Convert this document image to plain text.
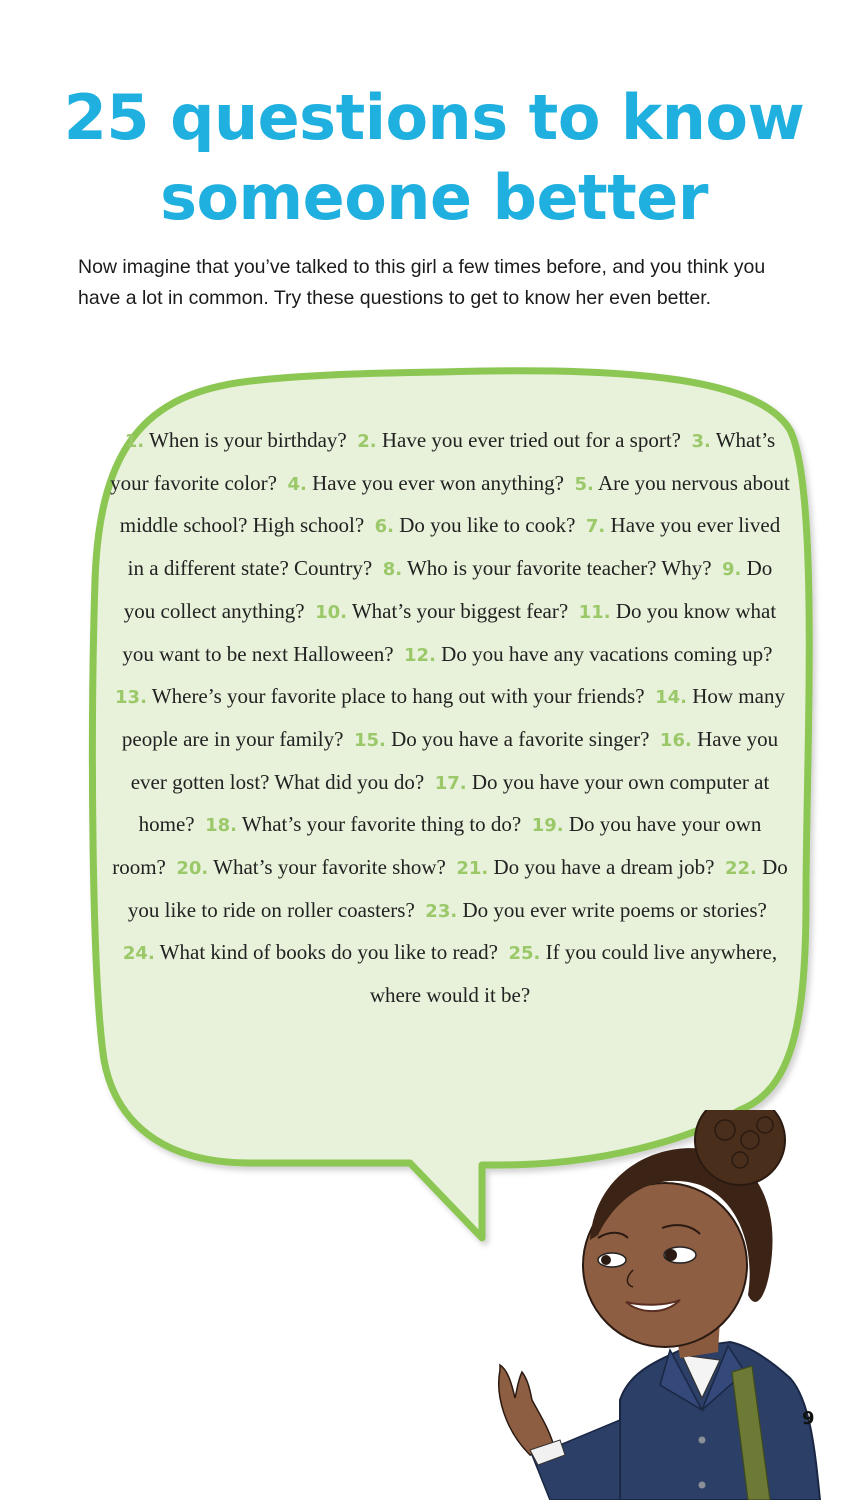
25 questions to know
someone better
Now imagine that you’ve talked to this girl a few times before, and you think you have a lot in common. Try these questions to get to know her even better.
1. When is your birthday? 2. Have you ever tried out for a sport? 3. What’s your favorite color? 4. Have you ever won anything? 5. Are you nervous about middle school? High school? 6. Do you like to cook? 7. Have you ever lived in a different state? Country? 8. Who is your favorite teacher? Why? 9. Do you collect anything? 10. What’s your biggest fear? 11. Do you know what you want to be next Halloween? 12. Do you have any vacations coming up?  13. Where’s your favorite place to hang out with your friends? 14. How many people are in your family? 15. Do you have a favorite singer? 16. Have you ever gotten lost? What did you do? 17. Do you have your own computer at home? 18. What’s your favorite thing to do? 19. Do you have your own room? 20. What’s your favorite show? 21. Do you have a dream job? 22. Do you like to ride on roller coasters? 23. Do you ever write poems or stories?  24. What kind of books do you like to read? 25. If you could live anywhere, where would it be?
9
